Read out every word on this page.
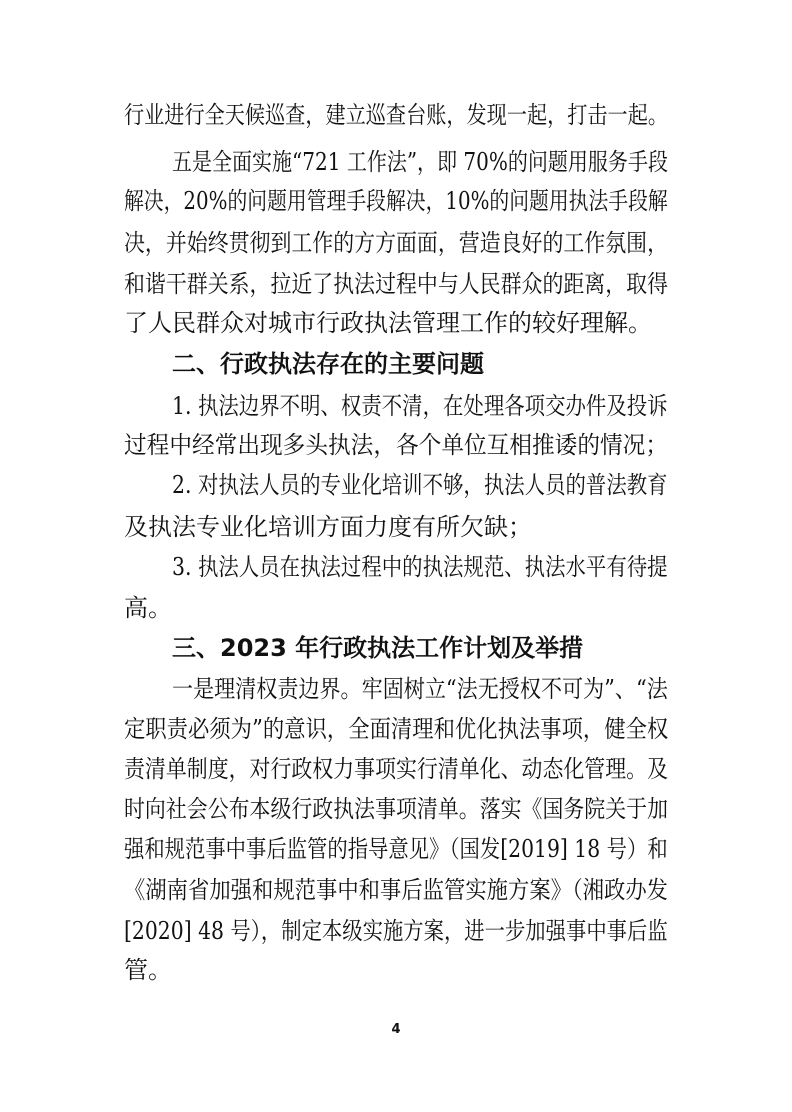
行业进行全天候巡查，建立巡查台账，发现一起，打击一起。
五是全面实施“721 工作法”，即 70%的问题用服务手段
解决，20%的问题用管理手段解决，10%的问题用执法手段解
决，并始终贯彻到工作的方方面面，营造良好的工作氛围，
和谐干群关系，拉近了执法过程中与人民群众的距离，取得
了人民群众对城市行政执法管理工作的较好理解。
二、行政执法存在的主要问题
1. 执法边界不明、权责不清，在处理各项交办件及投诉
过程中经常出现多头执法，各个单位互相推诿的情况；
2. 对执法人员的专业化培训不够，执法人员的普法教育
及执法专业化培训方面力度有所欠缺；
3. 执法人员在执法过程中的执法规范、执法水平有待提
高。
三、2023 年行政执法工作计划及举措
一是理清权责边界。牢固树立“法无授权不可为”、“法
定职责必须为”的意识，全面清理和优化执法事项，健全权
责清单制度，对行政权力事项实行清单化、动态化管理。及
时向社会公布本级行政执法事项清单。落实《国务院关于加
强和规范事中事后监管的指导意见》（国发[2019] 18 号）和
《湖南省加强和规范事中和事后监管实施方案》（湘政办发
[2020] 48 号），制定本级实施方案，进一步加强事中事后监
管。
4
